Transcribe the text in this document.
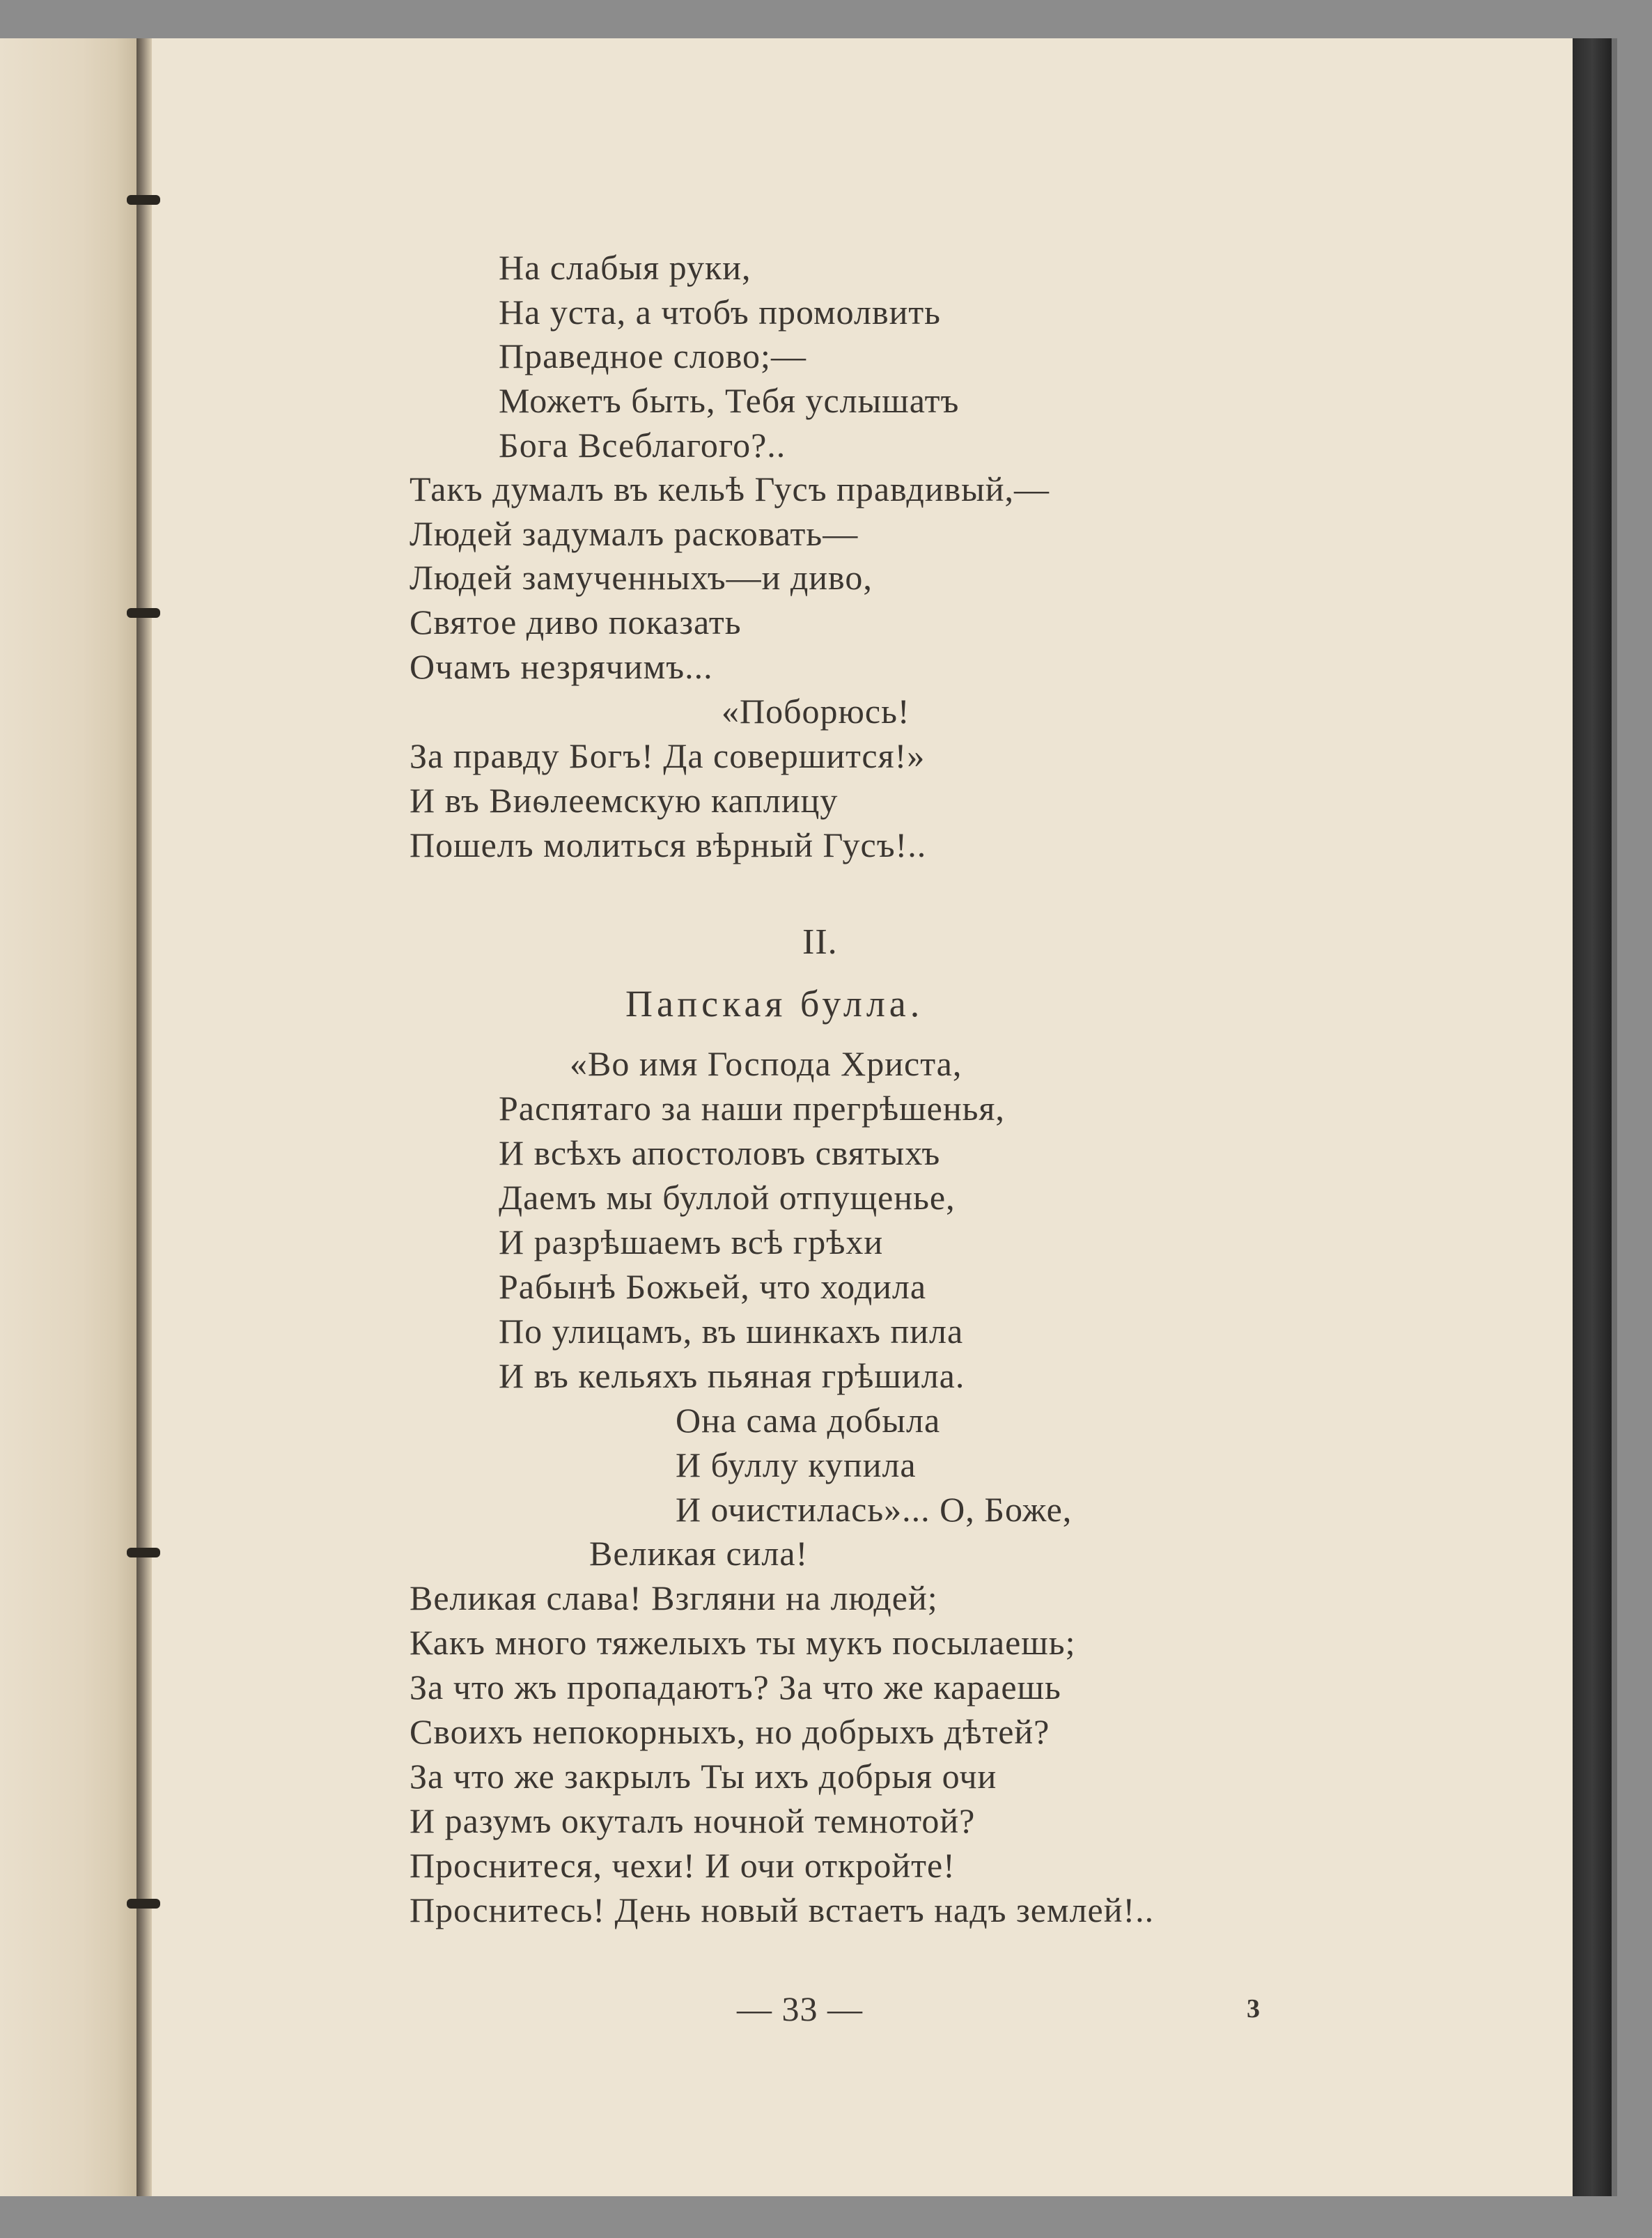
На слабыя руки,
На уста, а чтобъ промолвить
Праведное слово;—
Можетъ быть, Тебя услышатъ
Бога Всеблагого?..
Такъ думалъ въ кельѣ Гусъ правдивый,—
Людей задумалъ расковать—
Людей замученныхъ—и диво,
Святое диво показать
Очамъ незрячимъ...
«Поборюсь!
За правду Богъ! Да совершится!»
И въ Виѳлеемскую каплицу
Пошелъ молиться вѣрный Гусъ!..
II.
Папская булла.
«Во имя Господа Христа,
Распятаго за наши прегрѣшенья,
И всѣхъ апостоловъ святыхъ
Даемъ мы буллой отпущенье,
И разрѣшаемъ всѣ грѣхи
Рабынѣ Божьей, что ходила
По улицамъ, въ шинкахъ пила
И въ кельяхъ пьяная грѣшила.
Она сама добыла
И буллу купила
И очистилась»... О, Боже,
Великая сила!
Великая слава! Взгляни на людей;
Какъ много тяжелыхъ ты мукъ посылаешь;
За что жъ пропадаютъ? За что же караешь
Своихъ непокорныхъ, но добрыхъ дѣтей?
За что же закрылъ Ты ихъ добрыя очи
И разумъ окуталъ ночной темнотой?
Проснитеся, чехи! И очи откройте!
Проснитесь! День новый встаетъ надъ землей!..
— 33 —	3
